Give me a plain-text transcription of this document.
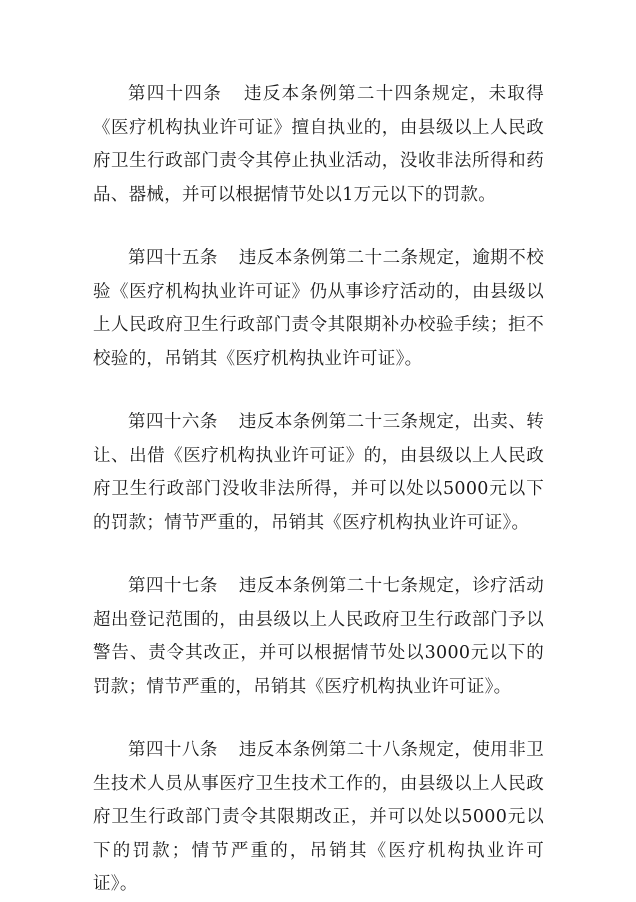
第四十四条 违反本条例第二十四条规定，未取得《医疗机构执业许可证》擅自执业的，由县级以上人民政府卫生行政部门责令其停止执业活动，没收非法所得和药品、器械，并可以根据情节处以1万元以下的罚款。

第四十五条 违反本条例第二十二条规定，逾期不校验《医疗机构执业许可证》仍从事诊疗活动的，由县级以上人民政府卫生行政部门责令其限期补办校验手续；拒不校验的，吊销其《医疗机构执业许可证》。

第四十六条 违反本条例第二十三条规定，出卖、转让、出借《医疗机构执业许可证》的，由县级以上人民政府卫生行政部门没收非法所得，并可以处以5000元以下的罚款；情节严重的，吊销其《医疗机构执业许可证》。

第四十七条 违反本条例第二十七条规定，诊疗活动超出登记范围的，由县级以上人民政府卫生行政部门予以警告、责令其改正，并可以根据情节处以3000元以下的罚款；情节严重的，吊销其《医疗机构执业许可证》。

第四十八条 违反本条例第二十八条规定，使用非卫生技术人员从事医疗卫生技术工作的，由县级以上人民政府卫生行政部门责令其限期改正，并可以处以5000元以下的罚款；情节严重的，吊销其《医疗机构执业许可证》。
